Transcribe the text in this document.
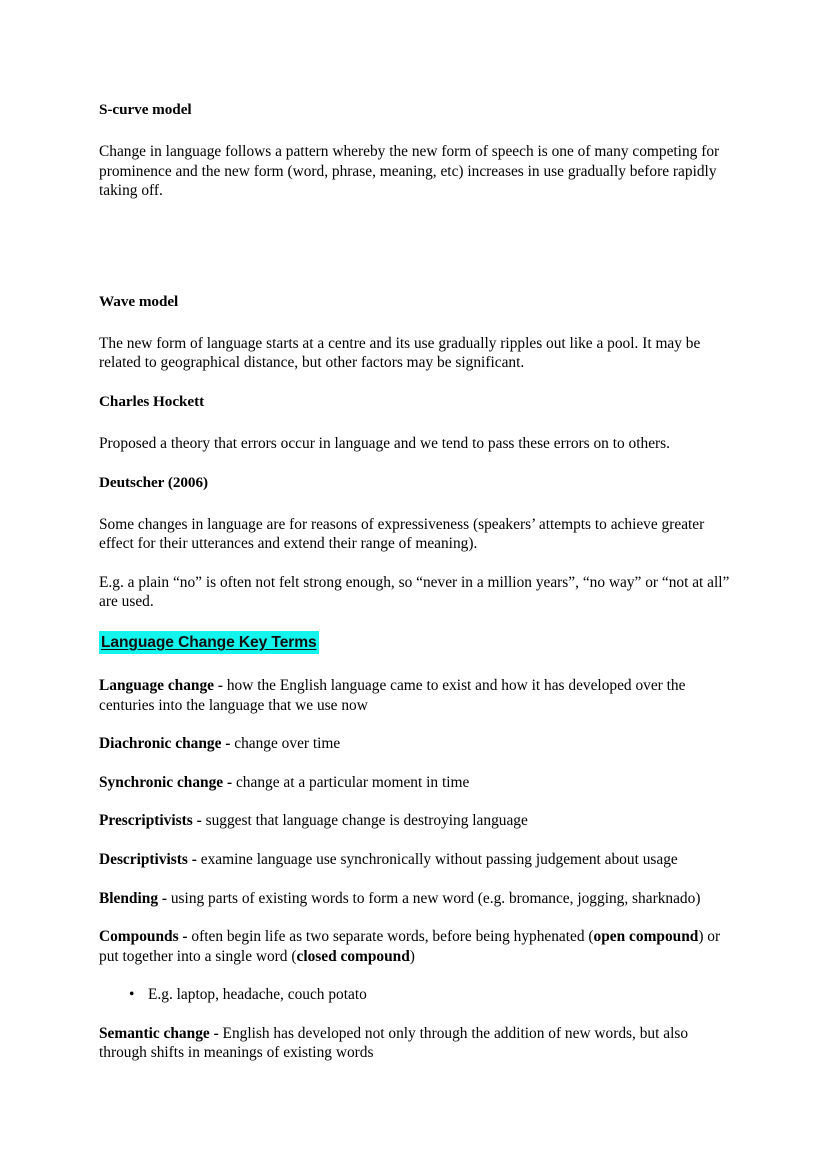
S-curve model

Change in language follows a pattern whereby the new form of speech is one of many competing for prominence and the new form (word, phrase, meaning, etc) increases in use gradually before rapidly taking off.

Wave model

The new form of language starts at a centre and its use gradually ripples out like a pool. It may be related to geographical distance, but other factors may be significant.

Charles Hockett

Proposed a theory that errors occur in language and we tend to pass these errors on to others.

Deutscher (2006)

Some changes in language are for reasons of expressiveness (speakers’ attempts to achieve greater effect for their utterances and extend their range of meaning).

E.g. a plain “no” is often not felt strong enough, so “never in a million years”, “no way” or “not at all” are used.

Language Change Key Terms

Language change - how the English language came to exist and how it has developed over the centuries into the language that we use now

Diachronic change - change over time

Synchronic change - change at a particular moment in time

Prescriptivists - suggest that language change is destroying language

Descriptivists - examine language use synchronically without passing judgement about usage

Blending - using parts of existing words to form a new word (e.g. bromance, jogging, sharknado)

Compounds - often begin life as two separate words, before being hyphenated (open compound) or put together into a single word (closed compound)

• E.g. laptop, headache, couch potato

Semantic change - English has developed not only through the addition of new words, but also through shifts in meanings of existing words
